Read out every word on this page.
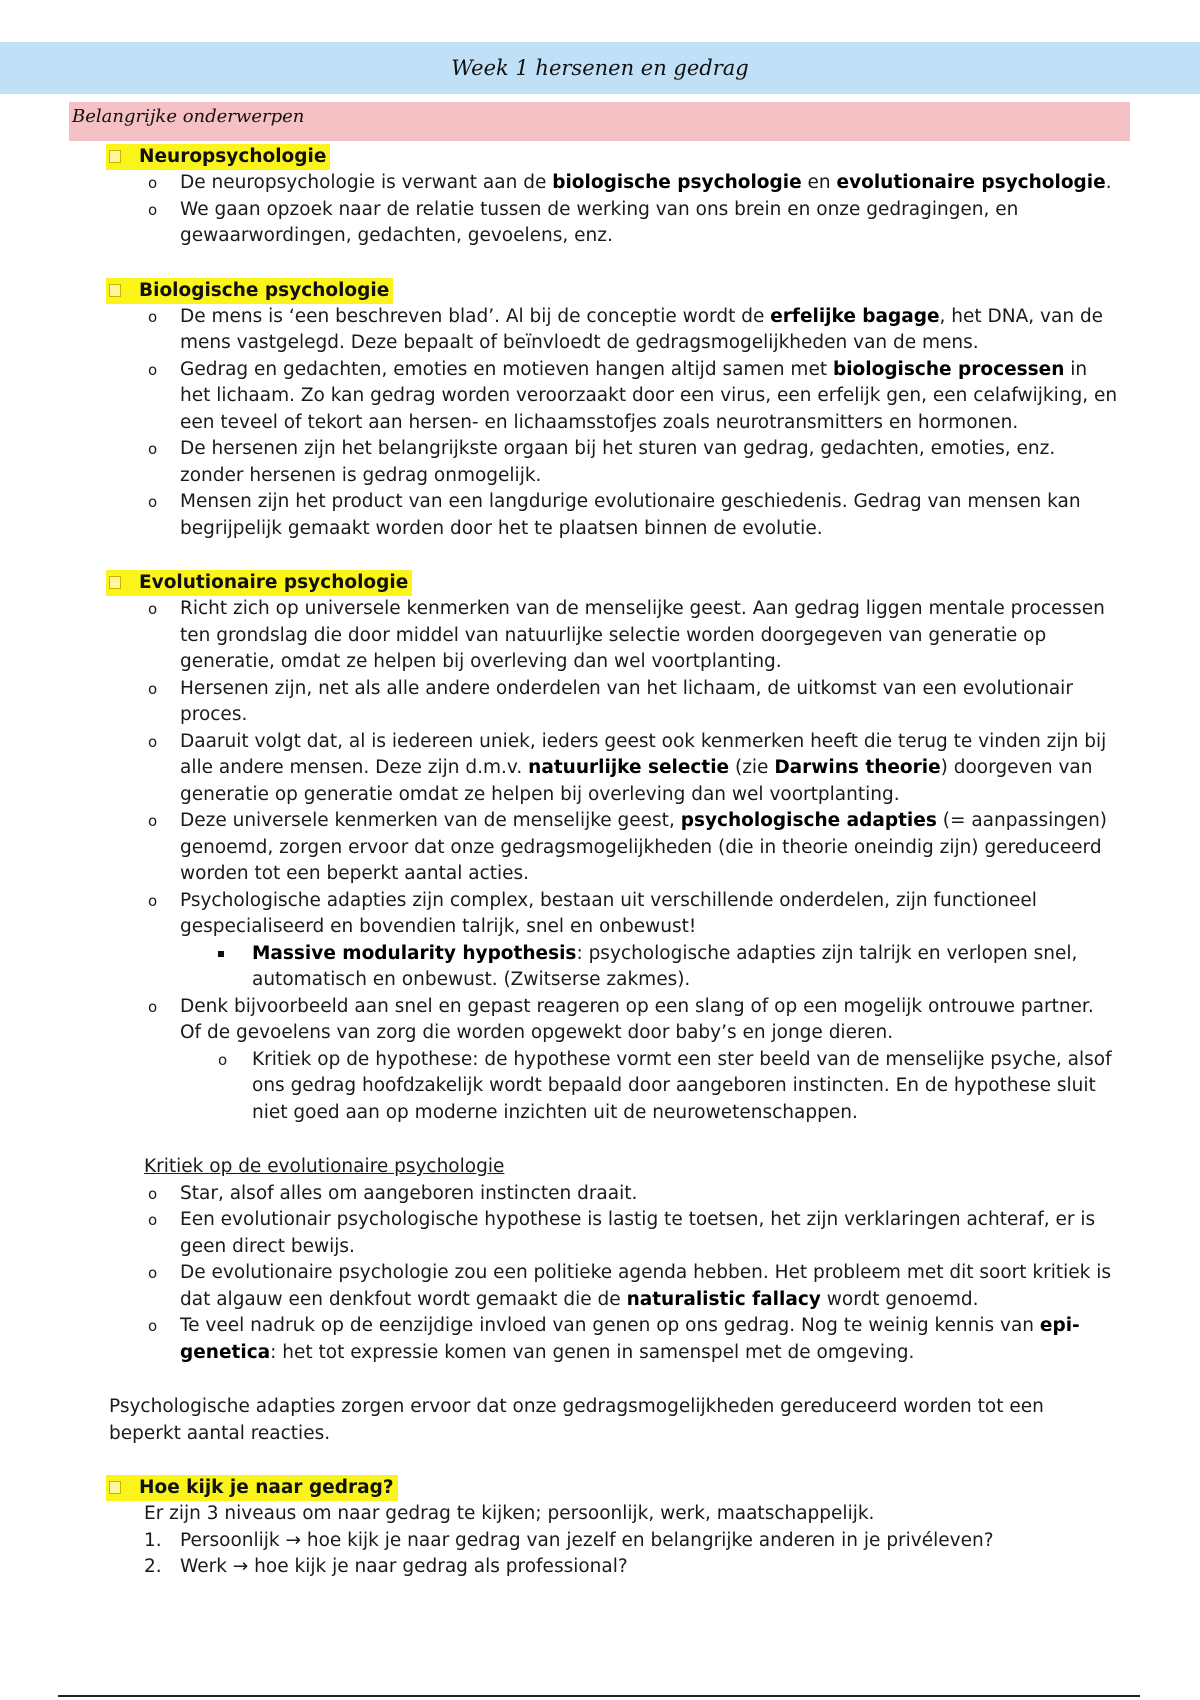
Week 1 hersenen en gedrag
Belangrijke onderwerpen
Neuropsychologie
o De neuropsychologie is verwant aan de biologische psychologie en evolutionaire psychologie.
o We gaan opzoek naar de relatie tussen de werking van ons brein en onze gedragingen, en gewaarwordingen, gedachten, gevoelens, enz.
Biologische psychologie
o De mens is ‘een beschreven blad’. Al bij de conceptie wordt de erfelijke bagage, het DNA, van de mens vastgelegd. Deze bepaalt of beïnvloedt de gedragsmogelijkheden van de mens.
o Gedrag en gedachten, emoties en motieven hangen altijd samen met biologische processen in het lichaam. Zo kan gedrag worden veroorzaakt door een virus, een erfelijk gen, een celafwijking, en een teveel of tekort aan hersen- en lichaamsstofjes zoals neurotransmitters en hormonen.
o De hersenen zijn het belangrijkste orgaan bij het sturen van gedrag, gedachten, emoties, enz. zonder hersenen is gedrag onmogelijk.
o Mensen zijn het product van een langdurige evolutionaire geschiedenis. Gedrag van mensen kan begrijpelijk gemaakt worden door het te plaatsen binnen de evolutie.
Evolutionaire psychologie
o Richt zich op universele kenmerken van de menselijke geest. Aan gedrag liggen mentale processen ten grondslag die door middel van natuurlijke selectie worden doorgegeven van generatie op generatie, omdat ze helpen bij overleving dan wel voortplanting.
o Hersenen zijn, net als alle andere onderdelen van het lichaam, de uitkomst van een evolutionair proces.
o Daaruit volgt dat, al is iedereen uniek, ieders geest ook kenmerken heeft die terug te vinden zijn bij alle andere mensen. Deze zijn d.m.v. natuurlijke selectie (zie Darwins theorie) doorgeven van generatie op generatie omdat ze helpen bij overleving dan wel voortplanting.
o Deze universele kenmerken van de menselijke geest, psychologische adapties (= aanpassingen) genoemd, zorgen ervoor dat onze gedragsmogelijkheden (die in theorie oneindig zijn) gereduceerd worden tot een beperkt aantal acties.
o Psychologische adapties zijn complex, bestaan uit verschillende onderdelen, zijn functioneel gespecialiseerd en bovendien talrijk, snel en onbewust!
Massive modularity hypothesis: psychologische adapties zijn talrijk en verlopen snel, automatisch en onbewust. (Zwitserse zakmes).
o Denk bijvoorbeeld aan snel en gepast reageren op een slang of op een mogelijk ontrouwe partner. Of de gevoelens van zorg die worden opgewekt door baby’s en jonge dieren.
o Kritiek op de hypothese: de hypothese vormt een ster beeld van de menselijke psyche, alsof ons gedrag hoofdzakelijk wordt bepaald door aangeboren instincten. En de hypothese sluit niet goed aan op moderne inzichten uit de neurowetenschappen.
Kritiek op de evolutionaire psychologie
o Star, alsof alles om aangeboren instincten draait.
o Een evolutionair psychologische hypothese is lastig te toetsen, het zijn verklaringen achteraf, er is geen direct bewijs.
o De evolutionaire psychologie zou een politieke agenda hebben. Het probleem met dit soort kritiek is dat algauw een denkfout wordt gemaakt die de naturalistic fallacy wordt genoemd.
o Te veel nadruk op de eenzijdige invloed van genen op ons gedrag. Nog te weinig kennis van epi-genetica: het tot expressie komen van genen in samenspel met de omgeving.
Psychologische adapties zorgen ervoor dat onze gedragsmogelijkheden gereduceerd worden tot een beperkt aantal reacties.
Hoe kijk je naar gedrag?
Er zijn 3 niveaus om naar gedrag te kijken; persoonlijk, werk, maatschappelijk.
1. Persoonlijk → hoe kijk je naar gedrag van jezelf en belangrijke anderen in je privéleven?
2. Werk → hoe kijk je naar gedrag als professional?
